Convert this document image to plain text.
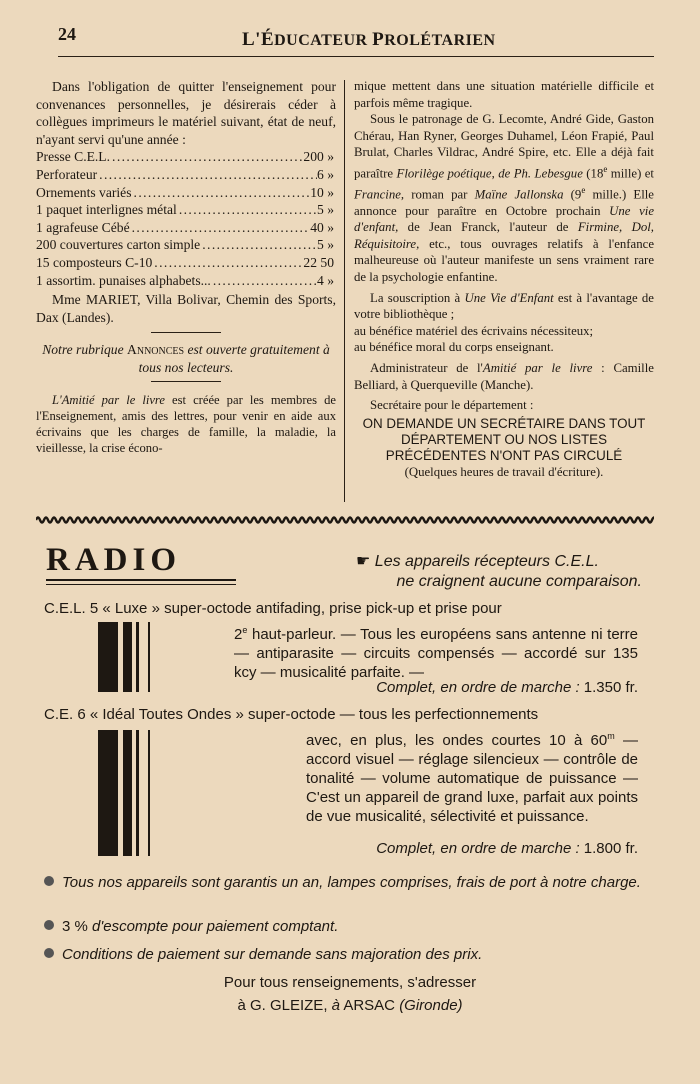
24	L'ÉDUCATEUR PROLÉTARIEN

Dans l'obligation de quitter l'enseignement pour convenances personnelles, je désirerais céder à collègues imprimeurs le matériel suivant, état de neuf, n'ayant servi qu'une année :

Presse C.E.L. . . .	200 »
Perforateur . . .	6 »
Ornements variés . . .	10 »
1 paquet interlignes métal . . .	5 »
1 agrafeuse Cébé . . .	40 »
200 couvertures carton simple . . .	5 »
15 composteurs C-10 . . .	22 50
1 assortim. punaises alphabets... . . .	4 »

Mme MARIET, Villa Bolivar, Chemin des Sports, Dax (Landes).

Notre rubrique Annonces est ouverte gratuitement à tous nos lecteurs.

L'Amitié par le livre est créée par les membres de l'Enseignement, amis des lettres, pour venir en aide aux écrivains que les charges de famille, la maladie, la vieillesse, la crise écono-

mique mettent dans une situation matérielle difficile et parfois même tragique.

Sous le patronage de G. Lecomte, André Gide, Gaston Chérau, Han Ryner, Georges Duhamel, Léon Frapié, Paul Brulat, Charles Vildrac, André Spire, etc. Elle a déjà fait paraître Florilège poétique, de Ph. Lebesgue (18e mille) et Francine, roman par Maïne Jallonska (9e mille.) Elle annonce pour paraître en Octobre prochain Une vie d'enfant, de Jean Franck, l'auteur de Firmine, Dol, Réquisitoire, etc., tous ouvrages relatifs à l'enfance malheureuse où l'auteur manifeste un sens vraiment rare de la psychologie enfantine.

La souscription à Une Vie d'Enfant est à l'avantage de votre bibliothèque ;

au bénéfice matériel des écrivains nécessiteux;

au bénéfice moral du corps enseignant.

Administrateur de l'Amitié par le livre : Camille Belliard, à Querqueville (Manche).

Secrétaire pour le département :

ON DEMANDE UN SECRÉTAIRE DANS TOUT DÉPARTEMENT OU NOS LISTES PRÉCÉDENTES N'ONT PAS CIRCULÉ

(Quelques heures de travail d'écriture).

RADIO	☛ Les appareils récepteurs C.E.L.
ne craignent aucune comparaison.
C.E.L. 5 « Luxe » super-octode antifading, prise pick-up et prise pour
2e haut-parleur. — Tous les européens sans antenne ni terre — antiparasite — circuits compensés — accordé sur 135 kcy — musicalité parfaite. —
Complet, en ordre de marche : 1.350 fr.
C.E. 6 « Idéal Toutes Ondes » super-octode — tous les perfectionnements
avec, en plus, les ondes courtes 10 à 60$^m$ — accord visuel — réglage silencieux — contrôle de tonalité — volume automatique de puissance — C'est un appareil de grand luxe, parfait aux points de vue musicalité, sélectivité et puissance.
Complet, en ordre de marche : 1.800 fr.
Tous nos appareils sont garantis un an, lampes comprises, frais de port à notre charge.
3 % d'escompte pour paiement comptant.
Conditions de paiement sur demande sans majoration des prix.
Pour tous renseignements, s'adresser
à G. GLEIZE, à ARSAC (Gironde)
